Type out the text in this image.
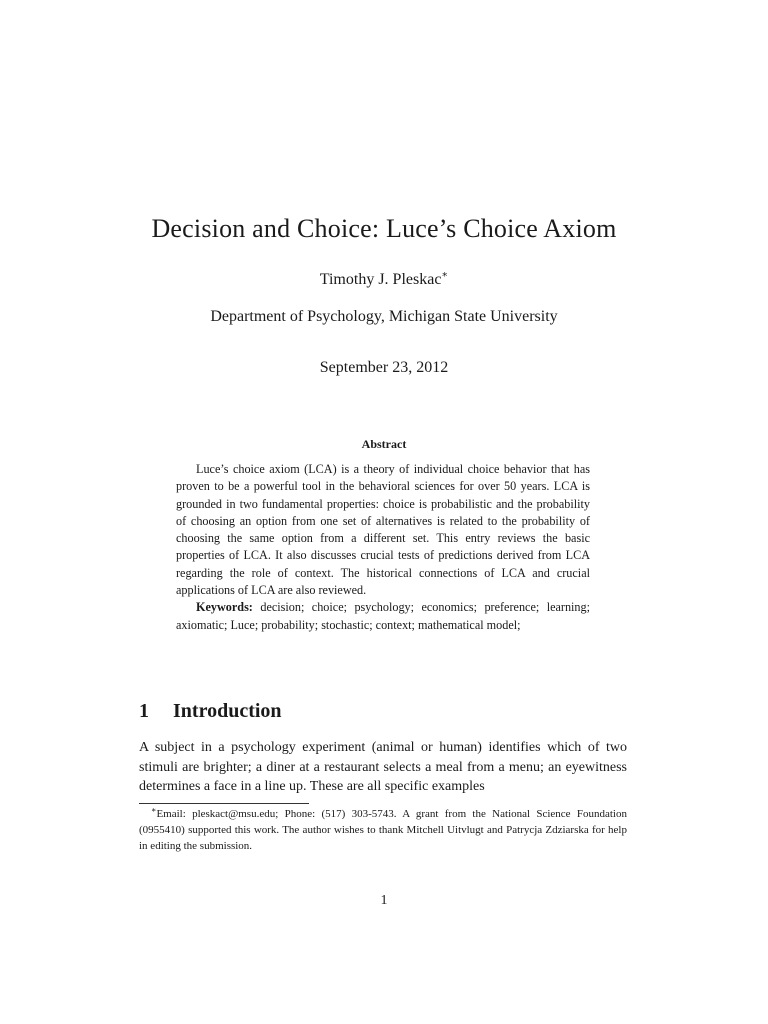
Decision and Choice: Luce’s Choice Axiom
Timothy J. Pleskac∗
Department of Psychology, Michigan State University
September 23, 2012
Abstract

Luce’s choice axiom (LCA) is a theory of individual choice behavior that has proven to be a powerful tool in the behavioral sciences for over 50 years. LCA is grounded in two fundamental properties: choice is probabilistic and the probability of choosing an option from one set of alternatives is related to the probability of choosing the same option from a different set. This entry reviews the basic properties of LCA. It also discusses crucial tests of predictions derived from LCA regarding the role of context. The historical connections of LCA and crucial applications of LCA are also reviewed.

Keywords: decision; choice; psychology; economics; preference; learning; axiomatic; Luce; probability; stochastic; context; mathematical model;

1 Introduction

A subject in a psychology experiment (animal or human) identifies which of two stimuli are brighter; a diner at a restaurant selects a meal from a menu; an eyewitness determines a face in a line up. These are all specific examples

∗Email: pleskact@msu.edu; Phone: (517) 303-5743. A grant from the National Science Foundation (0955410) supported this work. The author wishes to thank Mitchell Uitvlugt and Patrycja Zdziarska for help in editing the submission.

1
